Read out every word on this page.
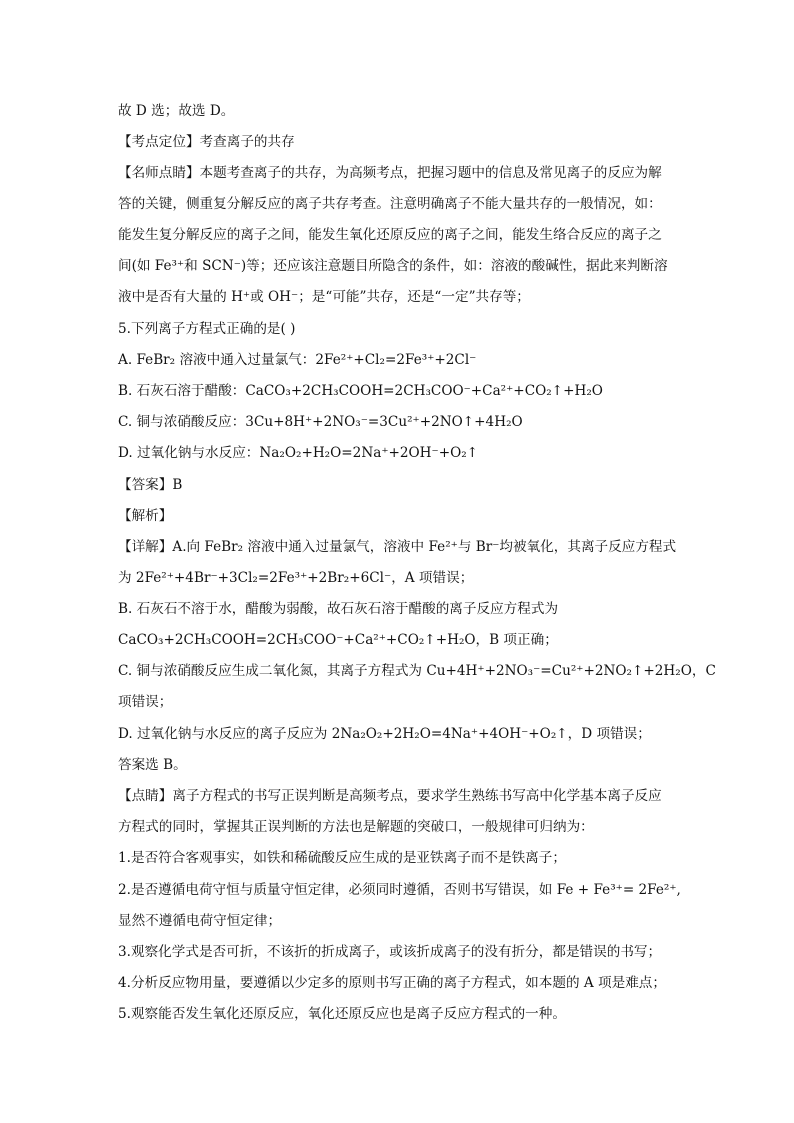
故 D 选；故选 D。
【考点定位】考查离子的共存
【名师点睛】本题考查离子的共存，为高频考点，把握习题中的信息及常见离子的反应为解
答的关键，侧重复分解反应的离子共存考查。注意明确离子不能大量共存的一般情况，如：
能发生复分解反应的离子之间，能发生氧化还原反应的离子之间，能发生络合反应的离子之
间(如 Fe³⁺和 SCN⁻)等；还应该注意题目所隐含的条件，如：溶液的酸碱性，据此来判断溶
液中是否有大量的 H⁺或 OH⁻；是“可能”共存，还是“一定”共存等；
5.下列离子方程式正确的是( )
A. FeBr₂ 溶液中通入过量氯气：2Fe²⁺+Cl₂=2Fe³⁺+2Cl⁻
B. 石灰石溶于醋酸：CaCO₃+2CH₃COOH=2CH₃COO⁻+Ca²⁺+CO₂↑+H₂O
C. 铜与浓硝酸反应：3Cu+8H⁺+2NO₃⁻=3Cu²⁺+2NO↑+4H₂O
D. 过氧化钠与水反应：Na₂O₂+H₂O=2Na⁺+2OH⁻+O₂↑
【答案】B
【解析】
【详解】A.向 FeBr₂ 溶液中通入过量氯气，溶液中 Fe²⁺与 Br⁻均被氧化，其离子反应方程式
为 2Fe²⁺+4Br⁻+3Cl₂=2Fe³⁺+2Br₂+6Cl⁻，A 项错误；
B. 石灰石不溶于水，醋酸为弱酸，故石灰石溶于醋酸的离子反应方程式为
CaCO₃+2CH₃COOH=2CH₃COO⁻+Ca²⁺+CO₂↑+H₂O，B 项正确；
C. 铜与浓硝酸反应生成二氧化氮，其离子方程式为 Cu+4H⁺+2NO₃⁻=Cu²⁺+2NO₂↑+2H₂O，C
项错误；
D. 过氧化钠与水反应的离子反应为 2Na₂O₂+2H₂O=4Na⁺+4OH⁻+O₂↑，D 项错误；
答案选 B。
【点睛】离子方程式的书写正误判断是高频考点，要求学生熟练书写高中化学基本离子反应
方程式的同时，掌握其正误判断的方法也是解题的突破口，一般规律可归纳为：
1.是否符合客观事实，如铁和稀硫酸反应生成的是亚铁离子而不是铁离子；
2.是否遵循电荷守恒与质量守恒定律，必须同时遵循，否则书写错误，如 Fe + Fe³⁺= 2Fe²⁺,
显然不遵循电荷守恒定律；
3.观察化学式是否可折，不该折的折成离子，或该折成离子的没有折分，都是错误的书写；
4.分析反应物用量，要遵循以少定多的原则书写正确的离子方程式，如本题的 A 项是难点；
5.观察能否发生氧化还原反应，氧化还原反应也是离子反应方程式的一种。
